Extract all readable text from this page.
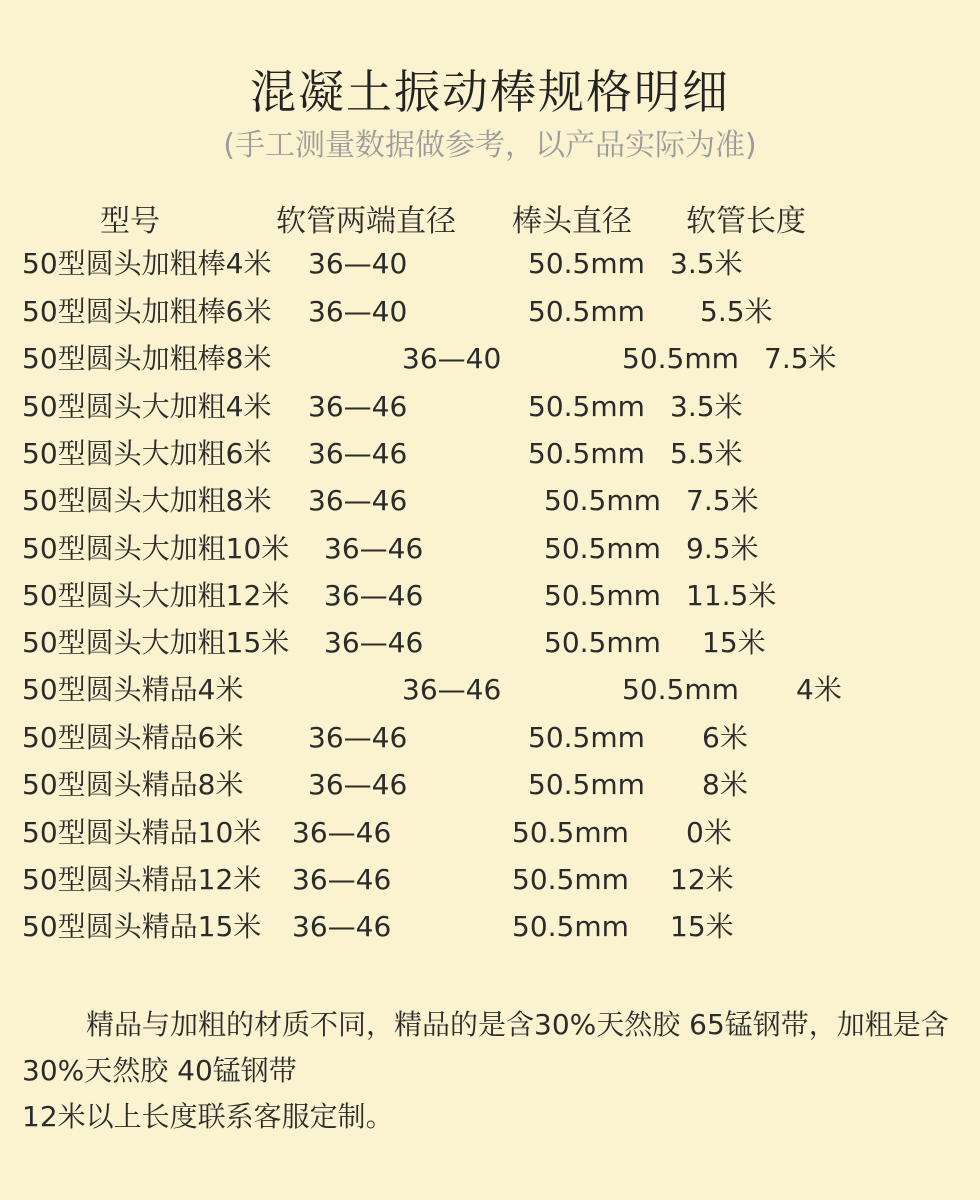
混凝土振动棒规格明细
(手工测量数据做参考，以产品实际为准)
型号	软管两端直径 棒头直径 软管长度
50型圆头加粗棒4米 36—40	50.5mm 3.5米
50型圆头加粗棒6米 36—40	50.5mm 5.5米
50型圆头加粗棒8米	36—40	50.5mm 7.5米
50型圆头大加粗4米 36—46	50.5mm 3.5米
50型圆头大加粗6米 36—46	50.5mm 5.5米
50型圆头大加粗8米 36—46	50.5mm 7.5米
50型圆头大加粗10米 36—46	50.5mm 9.5米
50型圆头大加粗12米 36—46	50.5mm 11.5米
50型圆头大加粗15米 36—46	50.5mm 15米
50型圆头精品4米	36—46	50.5mm 4米
50型圆头精品6米 36—46	50.5mm 6米
50型圆头精品8米 36—46	50.5mm 8米
50型圆头精品10米 36—46	50.5mm 0米
50型圆头精品12米 36—46	50.5mm 12米
50型圆头精品15米 36—46	50.5mm 15米
精品与加粗的材质不同，精品的是含30%天然胶 65锰钢带，加粗是含30%天然胶 40锰钢带
12米以上长度联系客服定制。
